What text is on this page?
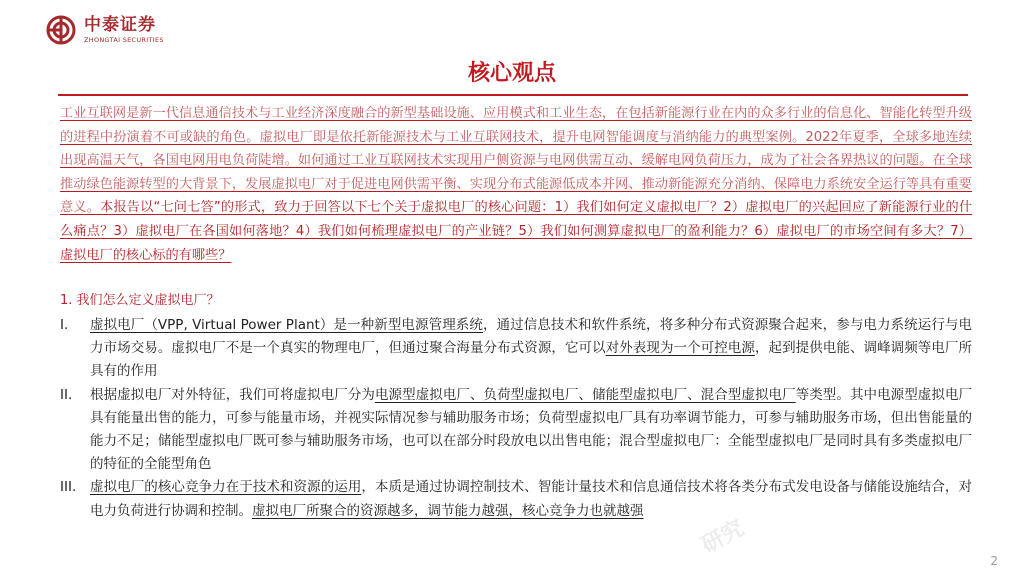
中泰证券
ZHONGTAI SECURITIES
核心观点

工业互联网是新一代信息通信技术与工业经济深度融合的新型基础设施、应用模式和工业生态，在包括新能源行业在内的众多行业的信息化、智能化转型升级的进程中扮演着不可或缺的角色。虚拟电厂即是依托新能源技术与工业互联网技术，提升电网智能调度与消纳能力的典型案例。2022年夏季，全球多地连续出现高温天气，各国电网用电负荷陡增。如何通过工业互联网技术实现用户侧资源与电网供需互动、缓解电网负荷压力，成为了社会各界热议的问题。在全球推动绿色能源转型的大背景下，发展虚拟电厂对于促进电网供需平衡、实现分布式能源低成本并网、推动新能源充分消纳、保障电力系统安全运行等具有重要意义。本报告以“七问七答”的形式，致力于回答以下七个关于虚拟电厂的核心问题：1）我们如何定义虚拟电厂？2）虚拟电厂的兴起回应了新能源行业的什么痛点？3）虚拟电厂在各国如何落地？4）我们如何梳理虚拟电厂的产业链？5）我们如何测算虚拟电厂的盈利能力？6）虚拟电厂的市场空间有多大？7）虚拟电厂的核心标的有哪些？

1. 我们怎么定义虚拟电厂？
I.	虚拟电厂（VPP, Virtual Power Plant）是一种新型电源管理系统，通过信息技术和软件系统，将多种分布式资源聚合起来，参与电力系统运行与电力市场交易。虚拟电厂不是一个真实的物理电厂，但通过聚合海量分布式资源，它可以对外表现为一个可控电源，起到提供电能、调峰调频等电厂所具有的作用
II.	根据虚拟电厂对外特征，我们可将虚拟电厂分为电源型虚拟电厂、负荷型虚拟电厂、储能型虚拟电厂、混合型虚拟电厂等类型。其中电源型虚拟电厂具有能量出售的能力，可参与能量市场，并视实际情况参与辅助服务市场；负荷型虚拟电厂具有功率调节能力，可参与辅助服务市场，但出售能量的能力不足；储能型虚拟电厂既可参与辅助服务市场，也可以在部分时段放电以出售电能；混合型虚拟电厂：全能型虚拟电厂是同时具有多类虚拟电厂的特征的全能型角色
III.	虚拟电厂的核心竞争力在于技术和资源的运用，本质是通过协调控制技术、智能计量技术和信息通信技术将各类分布式发电设备与储能设施结合，对电力负荷进行协调和控制。虚拟电厂所聚合的资源越多，调节能力越强，核心竞争力也就越强
研究
2
